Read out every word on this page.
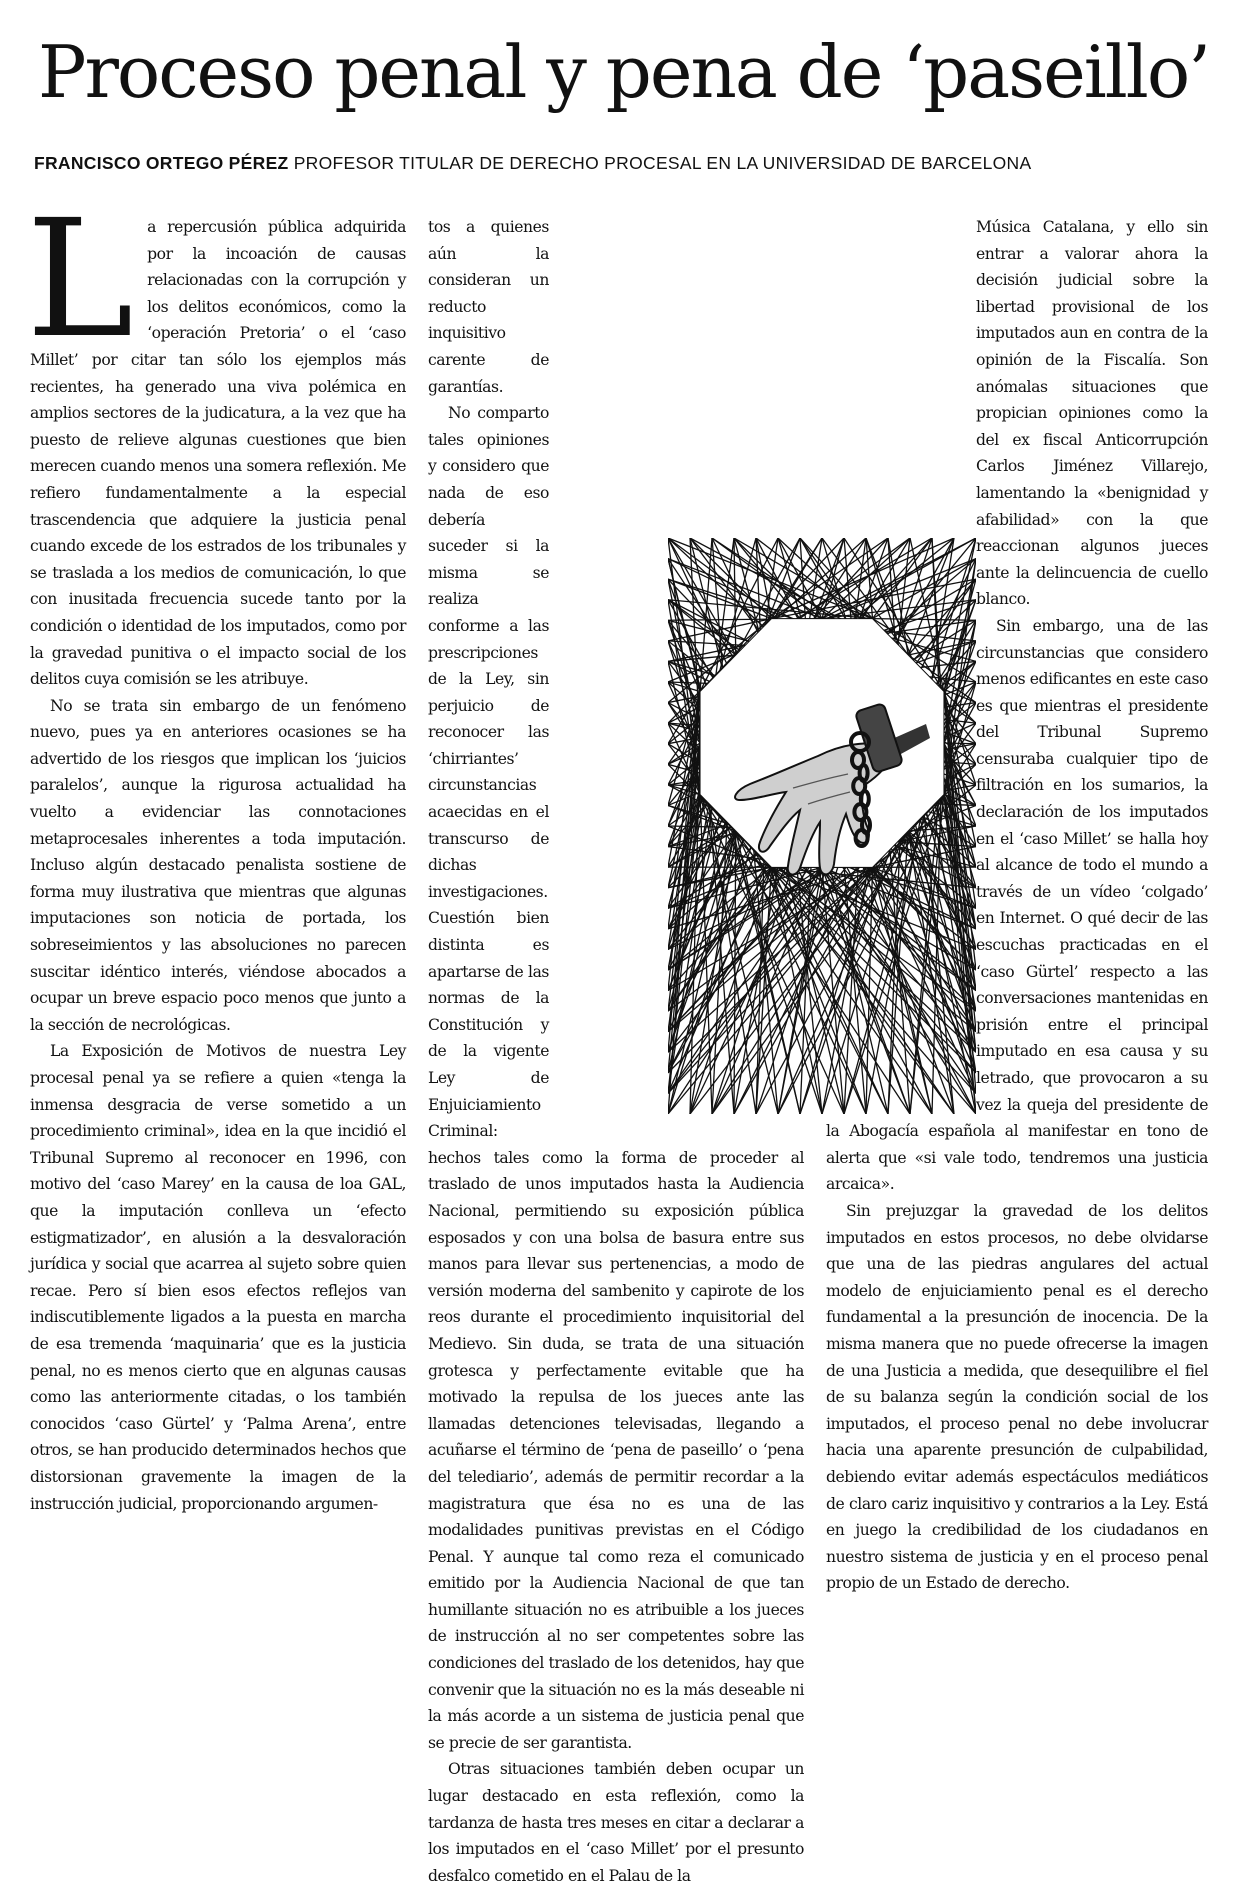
Proceso penal y pena de ‘paseillo’
FRANCISCO ORTEGO PÉREZ PROFESOR TITULAR DE DERECHO PROCESAL EN LA UNIVERSIDAD DE BARCELONA

La repercusión pública adquirida por la incoación de causas relacionadas con la corrupción y los delitos económicos, como la ‘operación Pretoria’ o el ‘caso Millet’ por citar tan sólo los ejemplos más recientes, ha generado una viva polémica en amplios sectores de la judicatura, a la vez que ha puesto de relieve algunas cuestiones que bien merecen cuando menos una somera reflexión. Me refiero fundamentalmente a la especial trascendencia que adquiere la justicia penal cuando excede de los estrados de los tribunales y se traslada a los medios de comunicación, lo que con inusitada frecuencia sucede tanto por la condición o identidad de los imputados, como por la gravedad punitiva o el impacto social de los delitos cuya comisión se les atribuye.

No se trata sin embargo de un fenómeno nuevo, pues ya en anteriores ocasiones se ha advertido de los riesgos que implican los ‘juicios paralelos’, aunque la rigurosa actualidad ha vuelto a evidenciar las connotaciones metaprocesales inherentes a toda imputación. Incluso algún destacado penalista sostiene de forma muy ilustrativa que mientras que algunas imputaciones son noticia de portada, los sobreseimientos y las absoluciones no parecen suscitar idéntico interés, viéndose abocados a ocupar un breve espacio poco menos que junto a la sección de necrológicas.

La Exposición de Motivos de nuestra Ley procesal penal ya se refiere a quien «tenga la inmensa desgracia de verse sometido a un procedimiento criminal», idea en la que incidió el Tribunal Supremo al reconocer en 1996, con motivo del ‘caso Marey’ en la causa de loa GAL, que la imputación conlleva un ‘efecto estigmatizador’, en alusión a la desvaloración jurídica y social que acarrea al sujeto sobre quien recae. Pero sí bien esos efectos reflejos van indiscutiblemente ligados a la puesta en marcha de esa tremenda ‘maquinaria’ que es la justicia penal, no es menos cierto que en algunas causas como las anteriormente citadas, o los también conocidos ‘caso Gürtel’ y ‘Palma Arena’, entre otros, se han producido determinados hechos que distorsionan gravemente la imagen de la instrucción judicial, proporcionando argumen-

tos a quienes aún la consideran un reducto inquisitivo carente de garantías.

No comparto tales opiniones y considero que nada de eso debería suceder si la misma se realiza conforme a las prescripciones de la Ley, sin perjuicio de reconocer las ‘chirriantes’ circunstancias acaecidas en el transcurso de dichas investigaciones. Cuestión bien distinta es apartarse de las normas de la Constitución y de la vigente Ley de Enjuiciamiento Criminal: hechos tales como la forma de proceder al traslado de unos imputados hasta la Audiencia Nacional, permitiendo su exposición pública esposados y con una bolsa de basura entre sus manos para llevar sus pertenencias, a modo de versión moderna del sambenito y capirote de los reos durante el procedimiento inquisitorial del Medievo. Sin duda, se trata de una situación grotesca y perfectamente evitable que ha motivado la repulsa de los jueces ante las llamadas detenciones televisadas, llegando a acuñarse el término de ‘pena de paseillo’ o ‘pena del telediario’, además de permitir recordar a la magistratura que ésa no es una de las modalidades punitivas previstas en el Código Penal. Y aunque tal como reza el comunicado emitido por la Audiencia Nacional de que tan humillante situación no es atribuible a los jueces de instrucción al no ser competentes sobre las condiciones del traslado de los detenidos, hay que convenir que la situación no es la más deseable ni la más acorde a un sistema de justicia penal que se precie de ser garantista.

Otras situaciones también deben ocupar un lugar destacado en esta reflexión, como la tardanza de hasta tres meses en citar a declarar a los imputados en el ‘caso Millet’ por el presunto desfalco cometido en el Palau de la

Música Catalana, y ello sin entrar a valorar ahora la decisión judicial sobre la libertad provisional de los imputados aun en contra de la opinión de la Fiscalía. Son anómalas situaciones que propician opiniones como la del ex fiscal Anticorrupción Carlos Jiménez Villarejo, lamentando la «benignidad y afabilidad» con la que reaccionan algunos jueces ante la delincuencia de cuello blanco.

Sin embargo, una de las circunstancias que considero menos edificantes en este caso es que mientras el presidente del Tribunal Supremo censuraba cualquier tipo de filtración en los sumarios, la declaración de los imputados en el ‘caso Millet’ se halla hoy al alcance de todo el mundo a través de un vídeo ‘colgado’ en Internet. O qué decir de las escuchas practicadas en el ‘caso Gürtel’ respecto a las conversaciones mantenidas en prisión entre el principal imputado en esa causa y su letrado, que provocaron a su vez la queja del presidente de la Abogacía española al manifestar en tono de alerta que «si vale todo, tendremos una justicia arcaica».

Sin prejuzgar la gravedad de los delitos imputados en estos procesos, no debe olvidarse que una de las piedras angulares del actual modelo de enjuiciamiento penal es el derecho fundamental a la presunción de inocencia. De la misma manera que no puede ofrecerse la imagen de una Justicia a medida, que desequilibre el fiel de su balanza según la condición social de los imputados, el proceso penal no debe involucrar hacia una aparente presunción de culpabilidad, debiendo evitar además espectáculos mediáticos de claro cariz inquisitivo y contrarios a la Ley. Está en juego la credibilidad de los ciudadanos en nuestro sistema de justicia y en el proceso penal propio de un Estado de derecho.
